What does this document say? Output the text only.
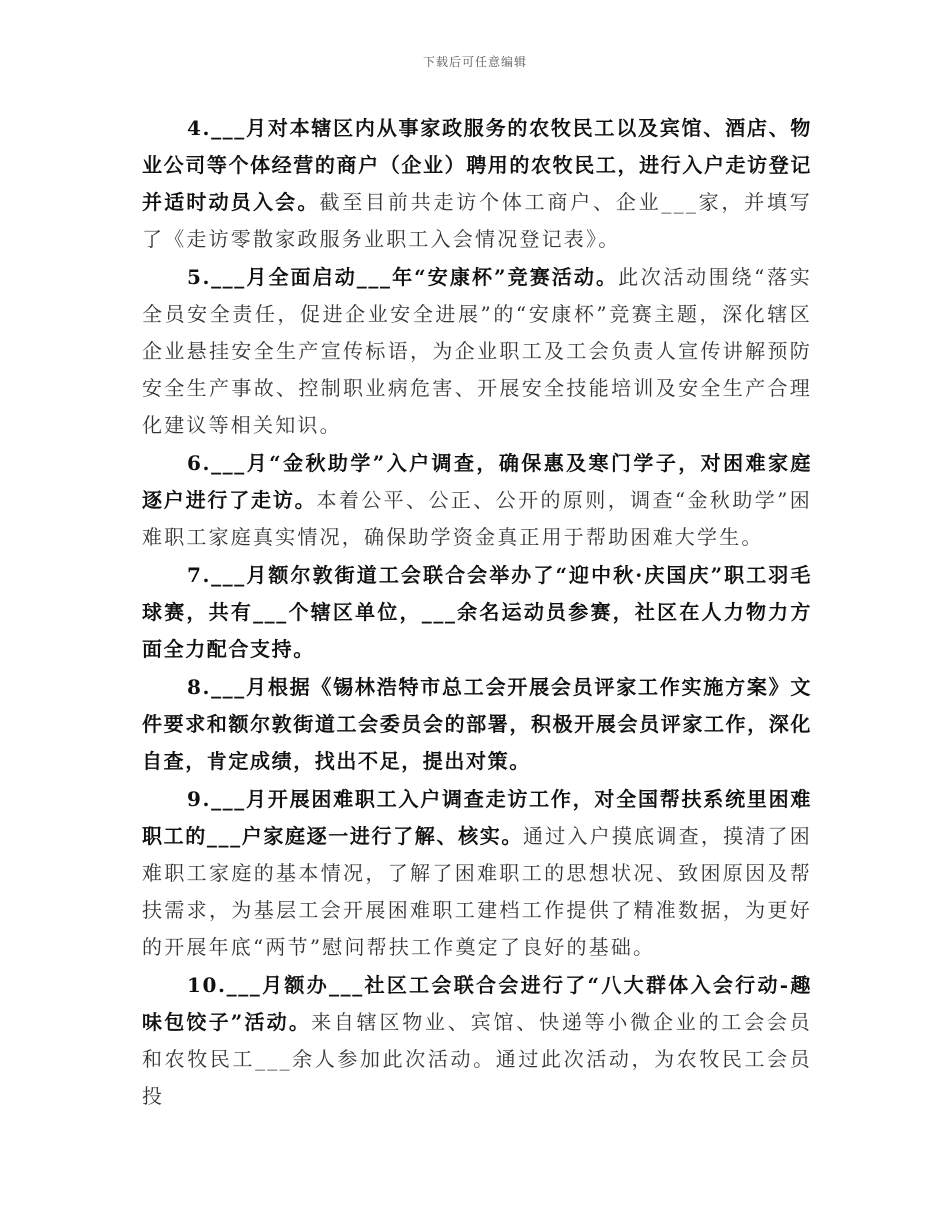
下载后可任意编辑

4.___月对本辖区内从事家政服务的农牧民工以及宾馆、酒店、物业公司等个体经营的商户（企业）聘用的农牧民工，进行入户走访登记并适时动员入会。截至目前共走访个体工商户、企业___家，并填写了《走访零散家政服务业职工入会情况登记表》。

5.___月全面启动___年“安康杯”竞赛活动。此次活动围绕“落实全员安全责任，促进企业安全进展”的“安康杯”竞赛主题，深化辖区企业悬挂安全生产宣传标语，为企业职工及工会负责人宣传讲解预防安全生产事故、控制职业病危害、开展安全技能培训及安全生产合理化建议等相关知识。

6.___月“金秋助学”入户调查，确保惠及寒门学子，对困难家庭逐户进行了走访。本着公平、公正、公开的原则，调查“金秋助学”困难职工家庭真实情况，确保助学资金真正用于帮助困难大学生。

7.___月额尔敦街道工会联合会举办了“迎中秋·庆国庆”职工羽毛球赛，共有___个辖区单位，___余名运动员参赛，社区在人力物力方面全力配合支持。

8.___月根据《锡林浩特市总工会开展会员评家工作实施方案》文件要求和额尔敦街道工会委员会的部署，积极开展会员评家工作，深化自查，肯定成绩，找出不足，提出对策。

9.___月开展困难职工入户调查走访工作，对全国帮扶系统里困难职工的___户家庭逐一进行了解、核实。通过入户摸底调查，摸清了困难职工家庭的基本情况，了解了困难职工的思想状况、致困原因及帮扶需求，为基层工会开展困难职工建档工作提供了精准数据，为更好的开展年底“两节”慰问帮扶工作奠定了良好的基础。

10.___月额办___社区工会联合会进行了“八大群体入会行动-趣味包饺子”活动。来自辖区物业、宾馆、快递等小微企业的工会会员和农牧民工___余人参加此次活动。通过此次活动，为农牧民工会员投
